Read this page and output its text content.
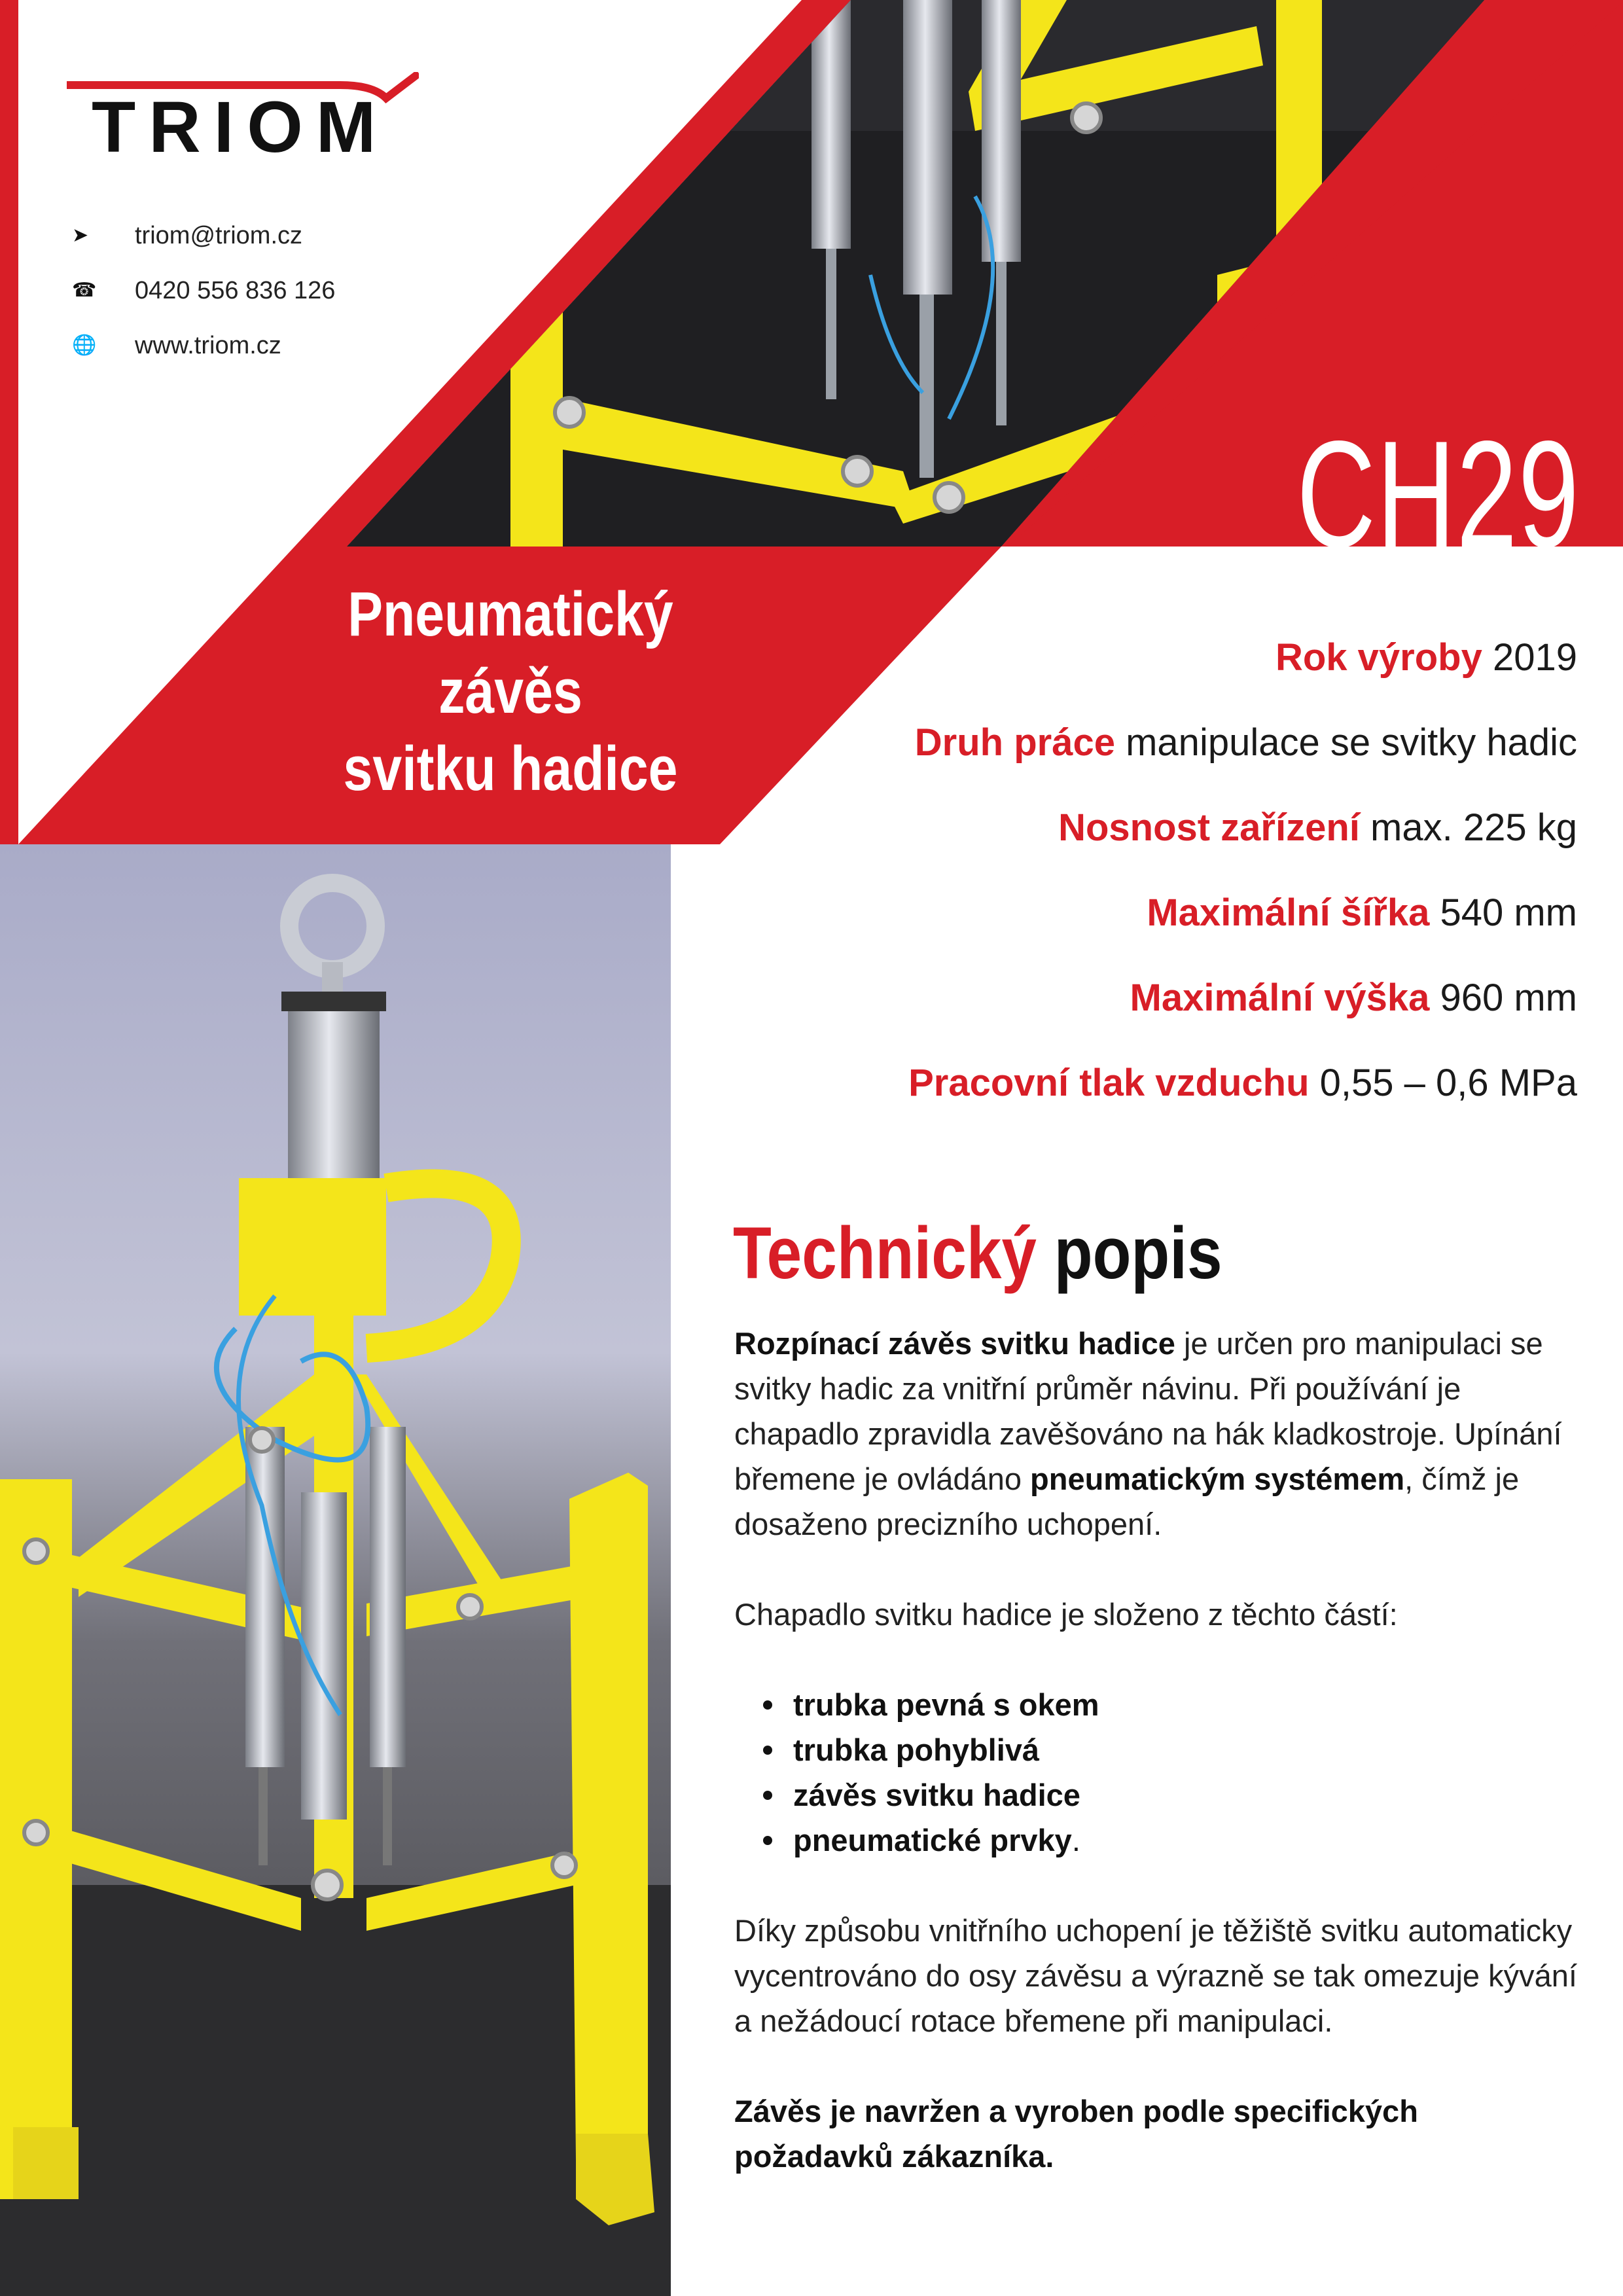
TRIOM
➤	triom@triom.cz
☎	0420 556 836 126
🌐	www.triom.cz
CH29
Pneumatický
závěs
svitku hadice
Rok výroby 2019
Druh práce manipulace se svitky hadic
Nosnost zařízení max. 225 kg
Maximální šířka 540 mm
Maximální výška 960 mm
Pracovní tlak vzduchu 0,55 – 0,6 MPa
Technický popis

Rozpínací závěs svitku hadice je určen pro manipulaci se svitky hadic za vnitřní průměr návinu. Při používání je chapadlo zpravidla zavěšováno na hák kladkostroje. Upínání břemene je ovládáno pneumatickým systémem, čímž je dosaženo precizního uchopení.

Chapadlo svitku hadice je složeno z těchto částí:

trubka pevná s okem
trubka pohyblivá
závěs svitku hadice
pneumatické prvky.

Díky způsobu vnitřního uchopení je těžiště svitku automaticky vycentrováno do osy závěsu a výrazně se tak omezuje kývání a nežádoucí rotace břemene při manipulaci.

Závěs je navržen a vyroben podle specifických požadavků zákazníka.
